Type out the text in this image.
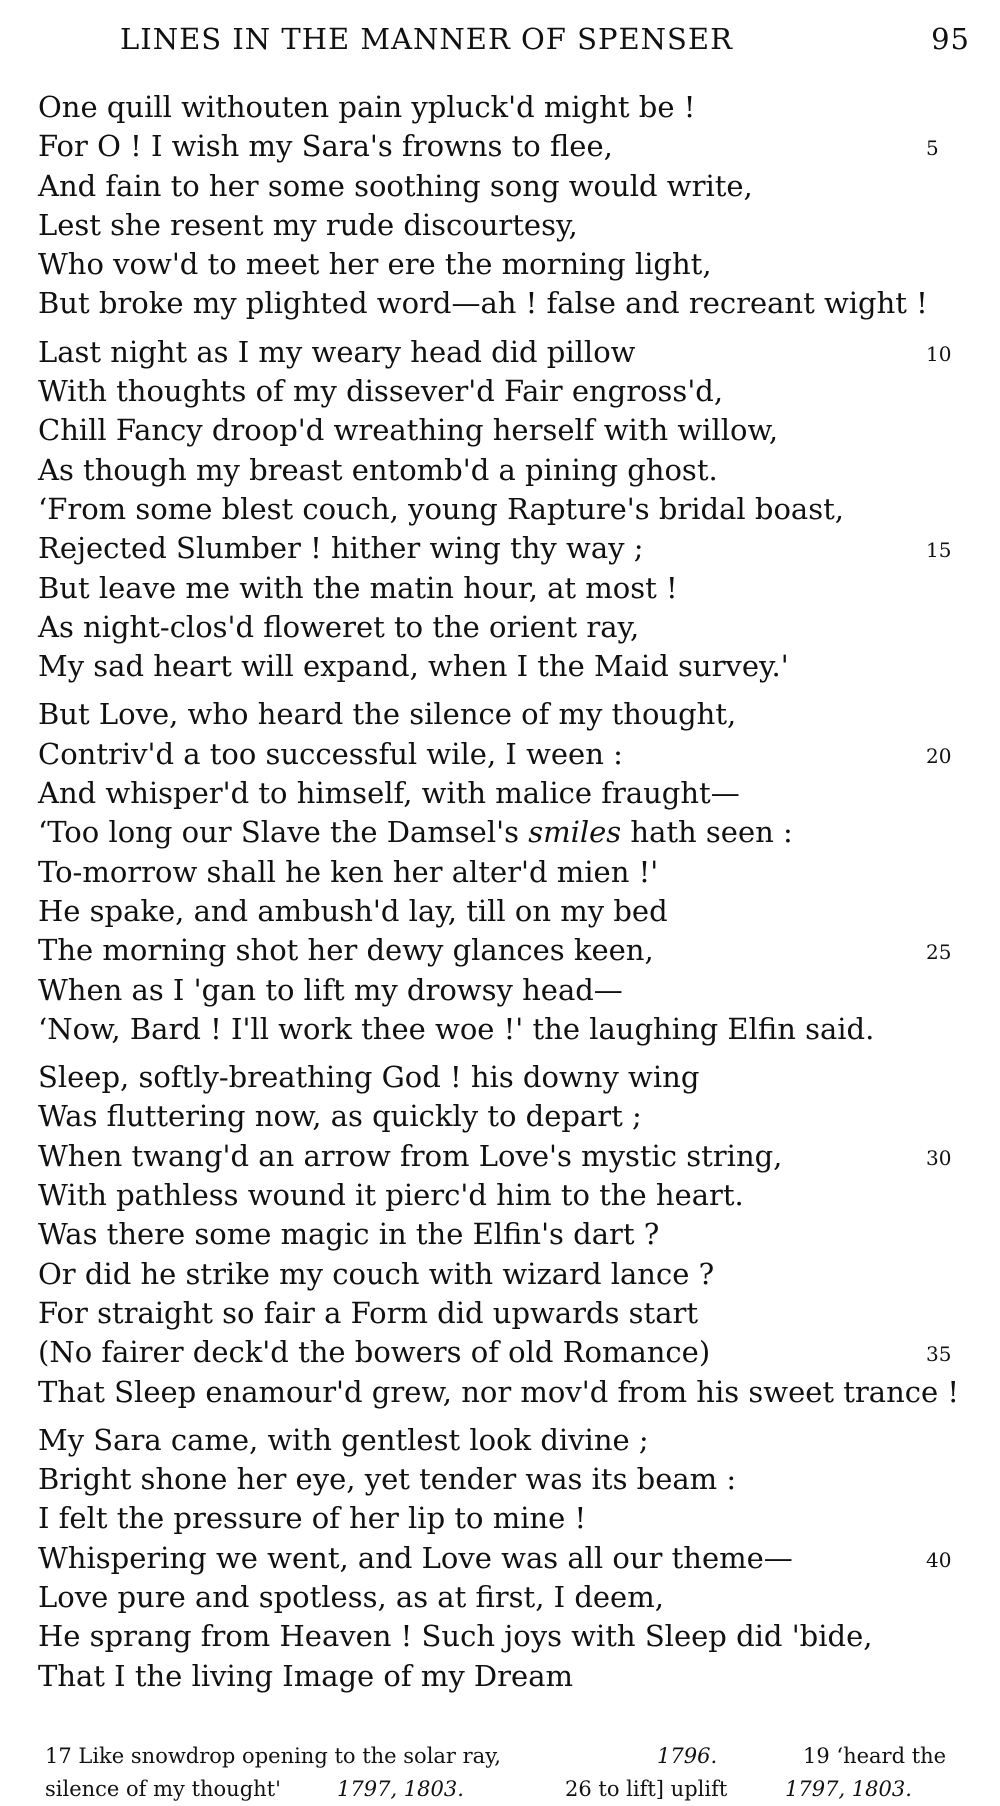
LINES IN THE MANNER OF SPENSER	95
One quill withouten pain ypluck'd might be !
For O ! I wish my Sara's frowns to flee,	5
And fain to her some soothing song would write,
Lest she resent my rude discourtesy,
Who vow'd to meet her ere the morning light,
But broke my plighted word—ah ! false and recreant wight !
Last night as I my weary head did pillow	10
With thoughts of my dissever'd Fair engross'd,
Chill Fancy droop'd wreathing herself with willow,
As though my breast entomb'd a pining ghost.
‘From some blest couch, young Rapture's bridal boast,
Rejected Slumber ! hither wing thy way ;	15
But leave me with the matin hour, at most !
As night-clos'd floweret to the orient ray,
My sad heart will expand, when I the Maid survey.'
But Love, who heard the silence of my thought,
Contriv'd a too successful wile, I ween :	20
And whisper'd to himself, with malice fraught—
‘Too long our Slave the Damsel's smiles hath seen :
To-morrow shall he ken her alter'd mien !'
He spake, and ambush'd lay, till on my bed
The morning shot her dewy glances keen,	25
When as I 'gan to lift my drowsy head—
‘Now, Bard ! I'll work thee woe !' the laughing Elfin said.
Sleep, softly-breathing God ! his downy wing
Was fluttering now, as quickly to depart ;
When twang'd an arrow from Love's mystic string,	30
With pathless wound it pierc'd him to the heart.
Was there some magic in the Elfin's dart ?
Or did he strike my couch with wizard lance ?
For straight so fair a Form did upwards start
(No fairer deck'd the bowers of old Romance)	35
That Sleep enamour'd grew, nor mov'd from his sweet trance !
My Sara came, with gentlest look divine ;
Bright shone her eye, yet tender was its beam :
I felt the pressure of her lip to mine !
Whispering we went, and Love was all our theme—	40
Love pure and spotless, as at first, I deem,
He sprang from Heaven ! Such joys with Sleep did 'bide,
That I the living Image of my Dream
17 Like snowdrop opening to the solar ray,	1796.	19 ‘heard the
silence of my thought'	1797, 1803.	26 to lift] uplift	1797, 1803.
